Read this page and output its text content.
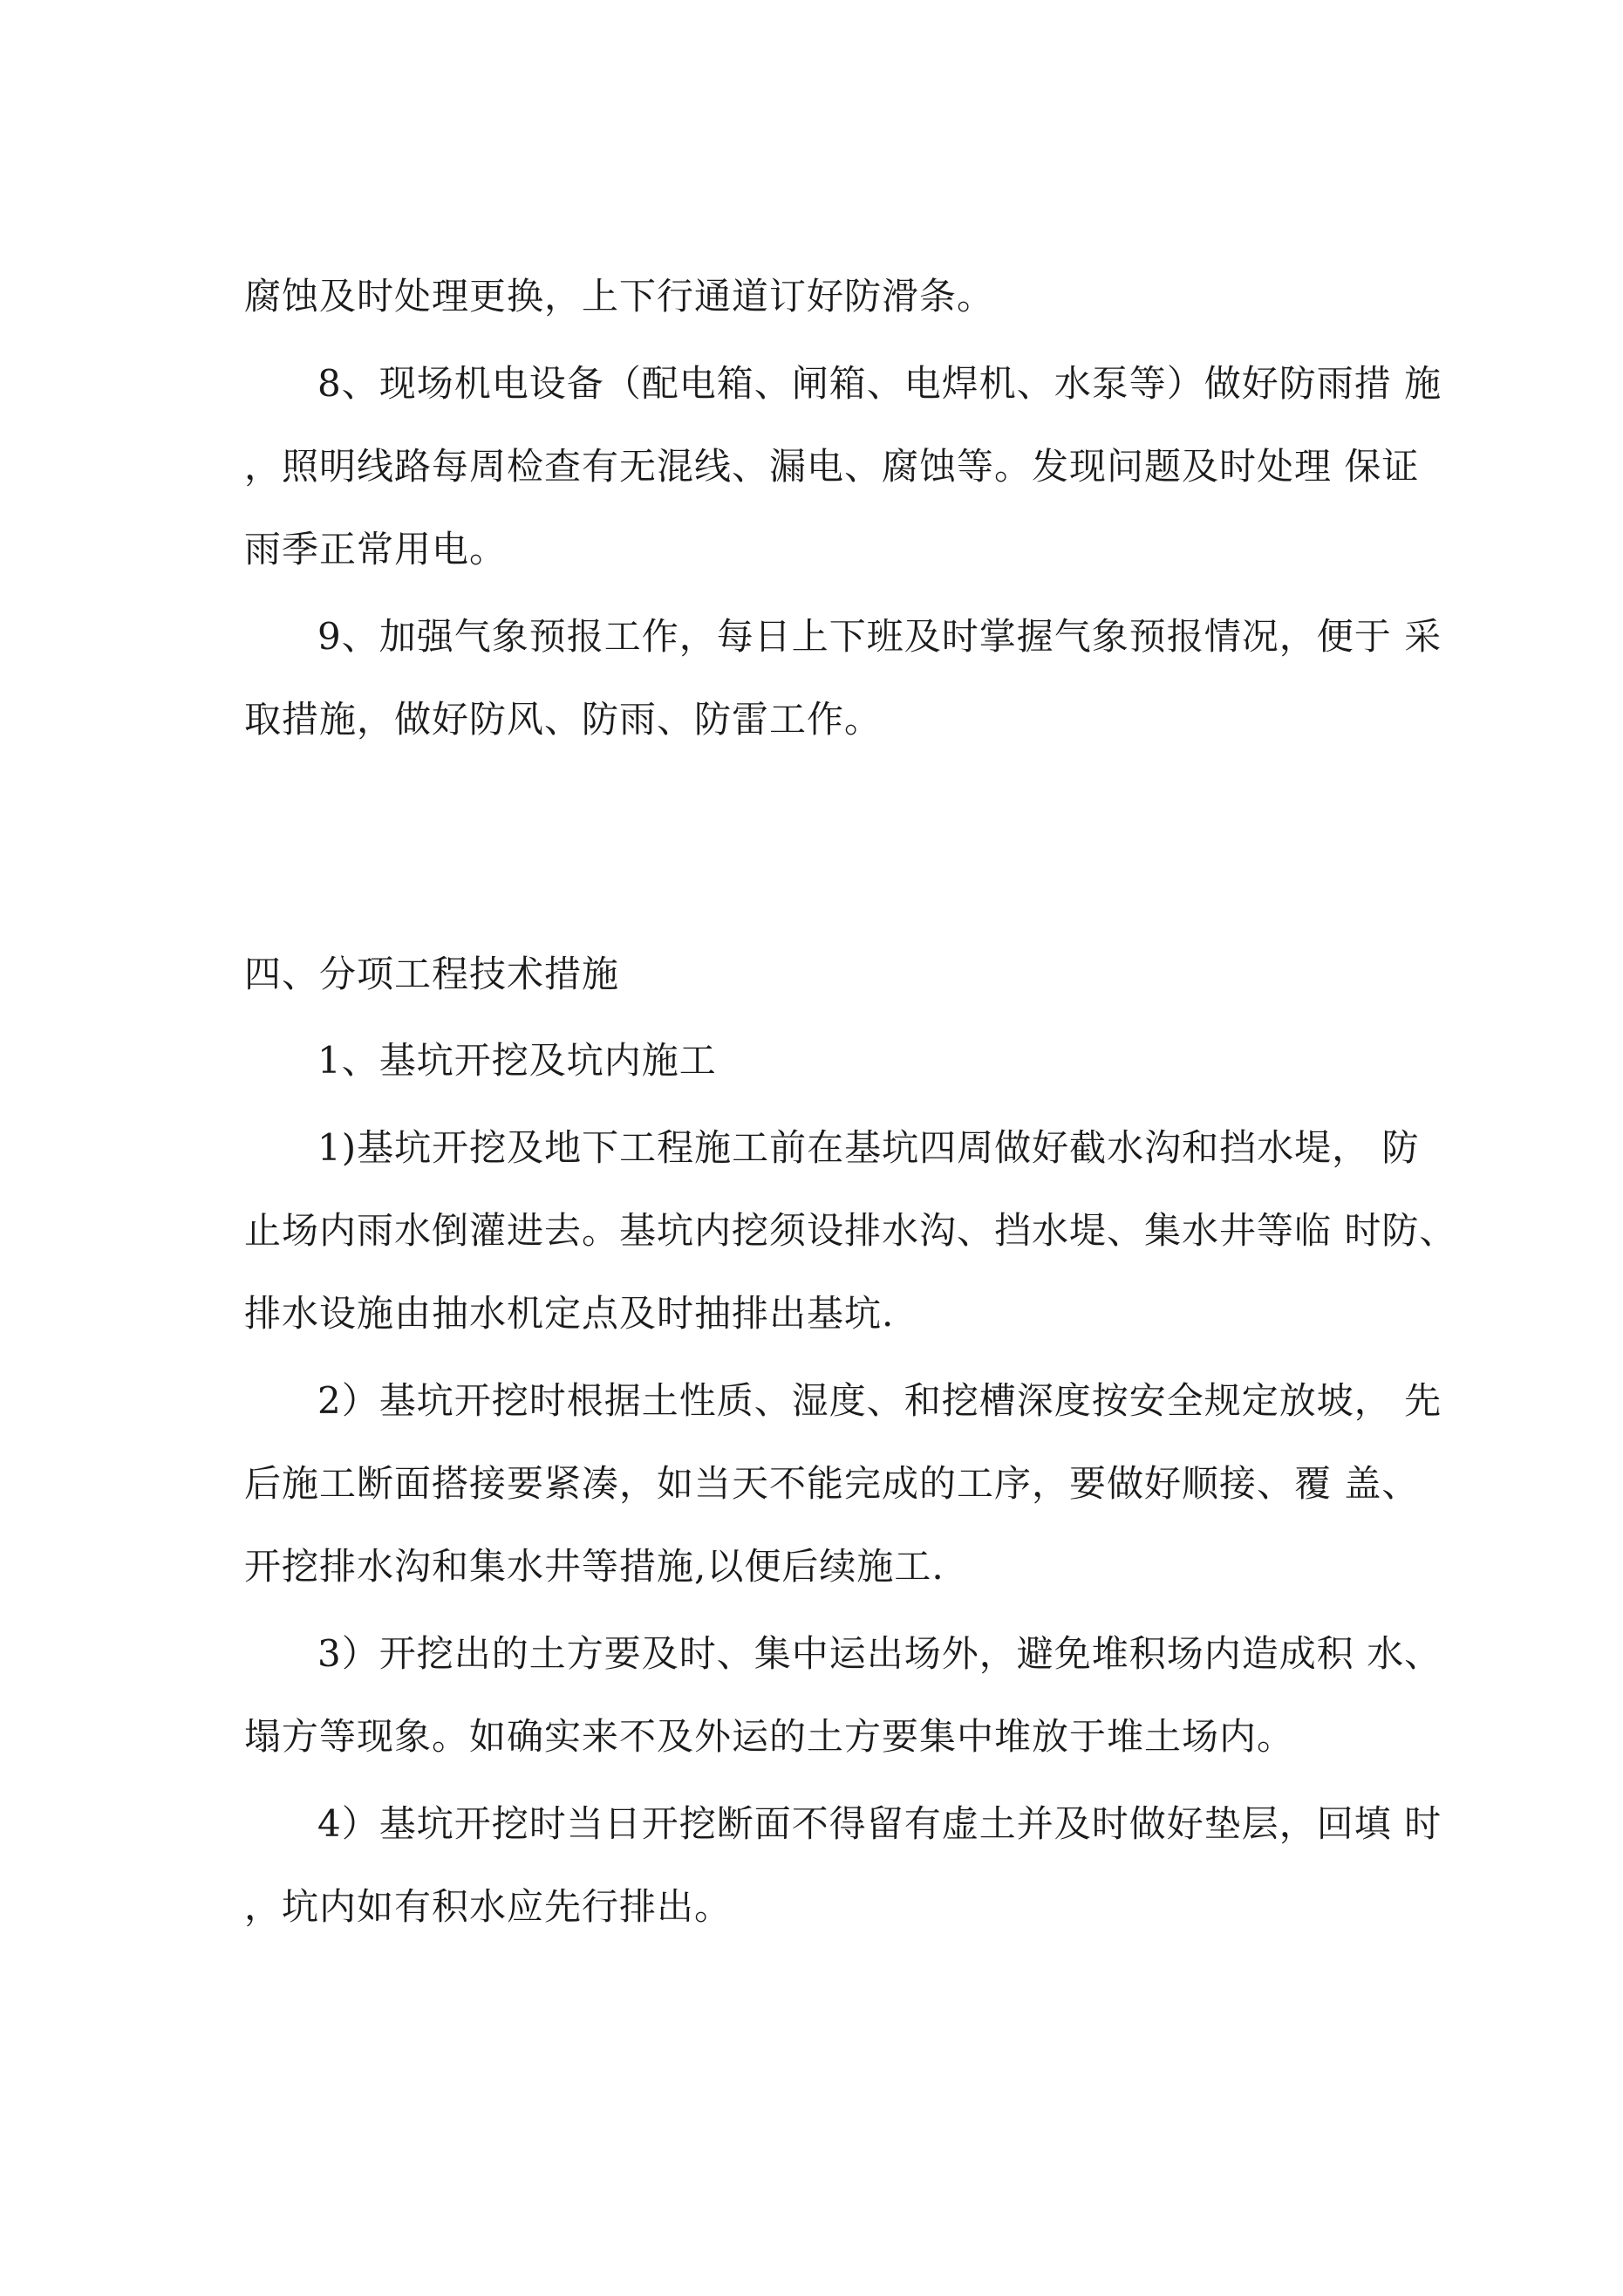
腐蚀及时处理更换，上下行通道订好防滑条。
8、现场机电设备（配电箱、闸箱、电焊机、水泵等）做好防雨措 施
，照明线路每周检查有无混线、漏电、腐蚀等。发现问题及时处理 保证
雨季正常用电。
9、加强气象预报工作，每日上下班及时掌握气象预报情况，便于 采
取措施，做好防风、防雨、防雷工作。
四、分项工程技术措施
1、基坑开挖及坑内施工
1)基坑开挖及地下工程施工前在基坑四周做好截水沟和挡水堤， 防
止场内雨水倒灌进去。基坑内挖须设排水沟、挡水堤、集水井等临 时防、
排水设施由抽水机定点及时抽排出基坑.
2）基坑开挖时根据土性质、湿度、和挖槽深度按安全规定放坡， 先
后施工断面搭接要紧凑，如当天不能完成的工序，要做好顺接、覆 盖、
开挖排水沟和集水井等措施,以便后续施工.
3）开挖出的土方要及时、集中运出场外，避免堆积场内造成积 水、
塌方等现象。如确实来不及外运的土方要集中堆放于堆土场内。
4）基坑开挖时当日开挖断面不得留有虚土并及时做好垫层，回填 时
，坑内如有积水应先行排出。
